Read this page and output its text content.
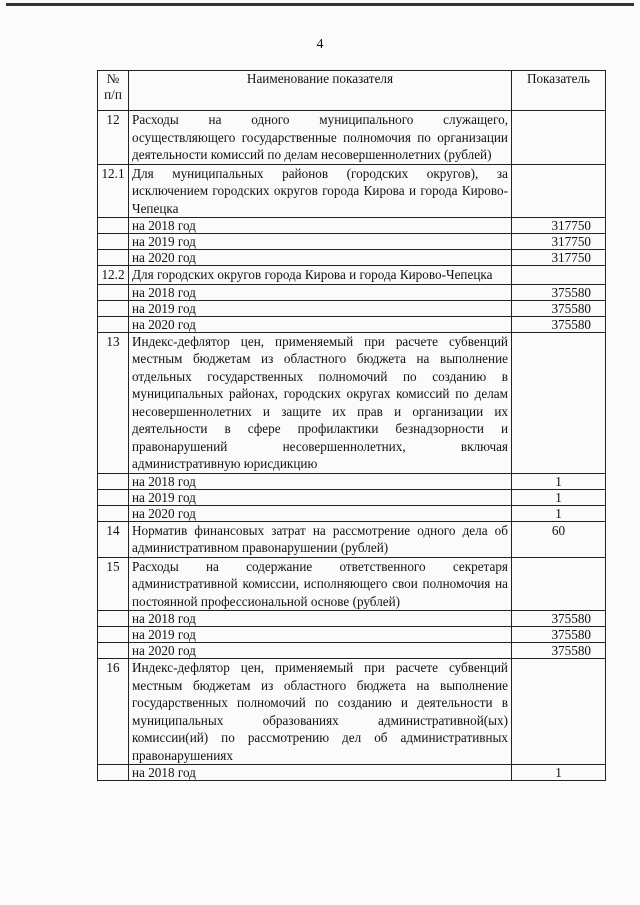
4
№
п/п	Наименование показателя	Показатель
12	Расходы на одного муниципального служащего, осуществляющего государственные полномочия по организации деятельности комиссий по делам несовершеннолетних (рублей)	
12.1	Для муниципальных районов (городских округов), за исключением городских округов города Кирова и города Кирово-Чепецка	
	на 2018 год	317750
	на 2019 год	317750
	на 2020 год	317750
12.2	Для городских округов города Кирова и города Кирово-Чепецка	
	на 2018 год	375580
	на 2019 год	375580
	на 2020 год	375580
13	Индекс-дефлятор цен, применяемый при расчете субвенций местным бюджетам из областного бюджета на выполнение отдельных государственных полномочий по созданию в муниципальных районах, городских округах комиссий по делам несовершеннолетних и защите их прав и организации их деятельности в сфере профилактики безнадзорности и правонарушений несовершеннолетних, включая административную юрисдикцию	
	на 2018 год	1
	на 2019 год	1
	на 2020 год	1
14	Норматив финансовых затрат на рассмотрение одного дела об административном правонарушении (рублей)	60
15	Расходы на содержание ответственного секретаря административной комиссии, исполняющего свои полномочия на постоянной профессиональной основе (рублей)	
	на 2018 год	375580
	на 2019 год	375580
	на 2020 год	375580
16	Индекс-дефлятор цен, применяемый при расчете субвенций местным бюджетам из областного бюджета на выполнение государственных полномочий по созданию и деятельности в муниципальных образованиях административной(ых) комиссии(ий) по рассмотрению дел об административных правонарушениях	
	на 2018 год	1
